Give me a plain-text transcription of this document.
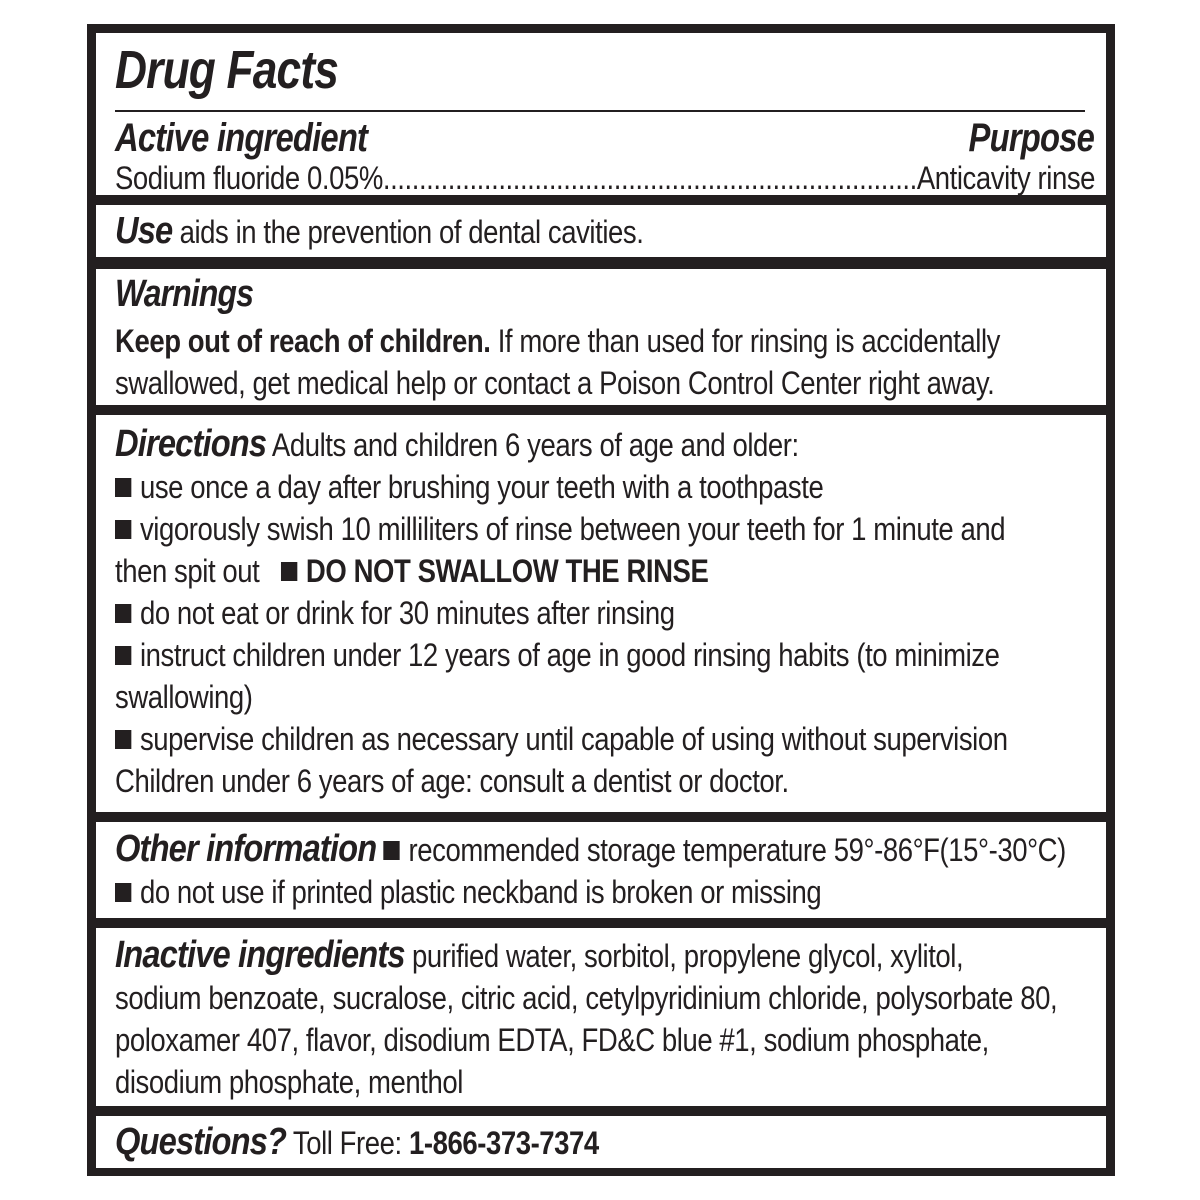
Drug Facts
Active ingredient	Purpose
Sodium fluoride 0.05%..........................................................................Anticavity rinse
Use aids in the prevention of dental cavities.
Warnings
Keep out of reach of children. If more than used for rinsing is accidentally
swallowed, get medical help or contact a Poison Control Center right away.
Directions Adults and children 6 years of age and older:
use once a day after brushing your teeth with a toothpaste
vigorously swish 10 milliliters of rinse between your teeth for 1 minute and
then spit out DO NOT SWALLOW THE RINSE
do not eat or drink for 30 minutes after rinsing
instruct children under 12 years of age in good rinsing habits (to minimize
swallowing)
supervise children as necessary until capable of using without supervision
Children under 6 years of age: consult a dentist or doctor.
Other information recommended storage temperature 59°-86°F(15°-30°C)
do not use if printed plastic neckband is broken or missing
Inactive ingredients purified water, sorbitol, propylene glycol, xylitol,
sodium benzoate, sucralose, citric acid, cetylpyridinium chloride, polysorbate 80,
poloxamer 407, flavor, disodium EDTA, FD&C blue #1, sodium phosphate,
disodium phosphate, menthol
Questions? Toll Free: 1-866-373-7374
